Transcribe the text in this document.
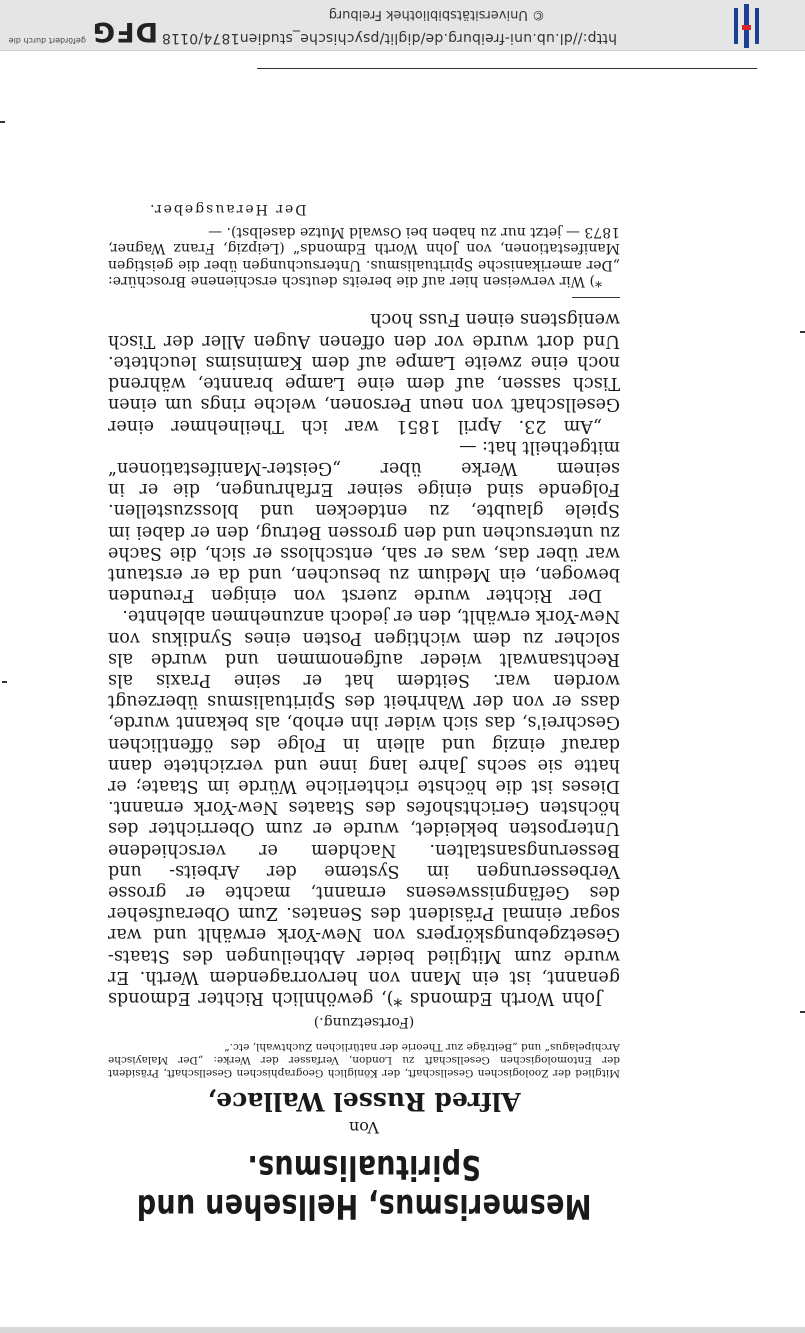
Mesmerismus, Hellsehen und Spiritualismus.

Von

Alfred Russel Wallace,

Mitglied der Zoologischen Gesellschaft, der Königlich Geographischen Gesellschaft, Präsident der Entomologischen Gesellschaft zu London, Verfasser der Werke: „Der Malayische Archipelagus“ und „Beiträge zur Theorie der natürlichen Zuchtwahl, etc.“

(Fortsetzung.)

John Worth Edmonds *), gewöhnlich Richter Edmonds genannt, ist ein Mann von hervorragendem Werth. Er wurde zum Mitglied beider Abtheilungen des Staats-Gesetzgebungskörpers von New-York erwählt und war sogar einmal Präsident des Senates. Zum Oberaufseher des Gefängnisswesens ernannt, machte er grosse Verbesserungen im Systeme der Arbeits- und Besserungsanstalten. Nachdem er verschiedene Unterposten bekleidet, wurde er zum Oberrichter des höchsten Gerichtshofes des Staates New-York ernannt. Dieses ist die höchste richterliche Würde im Staate; er hatte sie sechs Jahre lang inne und verzichtete dann darauf einzig und allein in Folge des öffentlichen Geschrei's, das sich wider ihn erhob, als bekannt wurde, dass er von der Wahrheit des Spiritualismus überzeugt worden war. Seitdem hat er seine Praxis als Rechtsanwalt wieder aufgenommen und wurde als solcher zu dem wichtigen Posten eines Syndikus von New-York erwählt, den er jedoch anzunehmen ablehnte.

Der Richter wurde zuerst von einigen Freunden bewogen, ein Medium zu besuchen, und da er erstaunt war über das, was er sah, entschloss er sich, die Sache zu untersuchen und den grossen Betrug, den er dabei im Spiele glaubte, zu entdecken und blosszustellen. Folgende sind einige seiner Erfahrungen, die er in seinem Werke über „Geister-Manifestationen“ mitgetheilt hat: —

„Am 23. April 1851 war ich Theilnehmer einer Gesellschaft von neun Personen, welche rings um einen Tisch sassen, auf dem eine Lampe brannte, während noch eine zweite Lampe auf dem Kaminsims leuchtete. Und dort wurde vor den offenen Augen Aller der Tisch wenigstens einen Fuss hoch

*) Wir verweisen hier auf die bereits deutsch erschienene Broschüre: „Der amerikanische Spiritualismus. Untersuchungen über die geistigen Manifestationen, von John Worth Edmonds“ (Leipzig, Franz Wagner, 1873 — jetzt nur zu haben bei Oswald Mutze daselbst). —

Der Herausgeber.

http://dl.ub.uni-freiburg.de/diglit/psychische_studien1874/0118
© Universitätsbibliothek Freiburg
DFG
gefördert durch die
